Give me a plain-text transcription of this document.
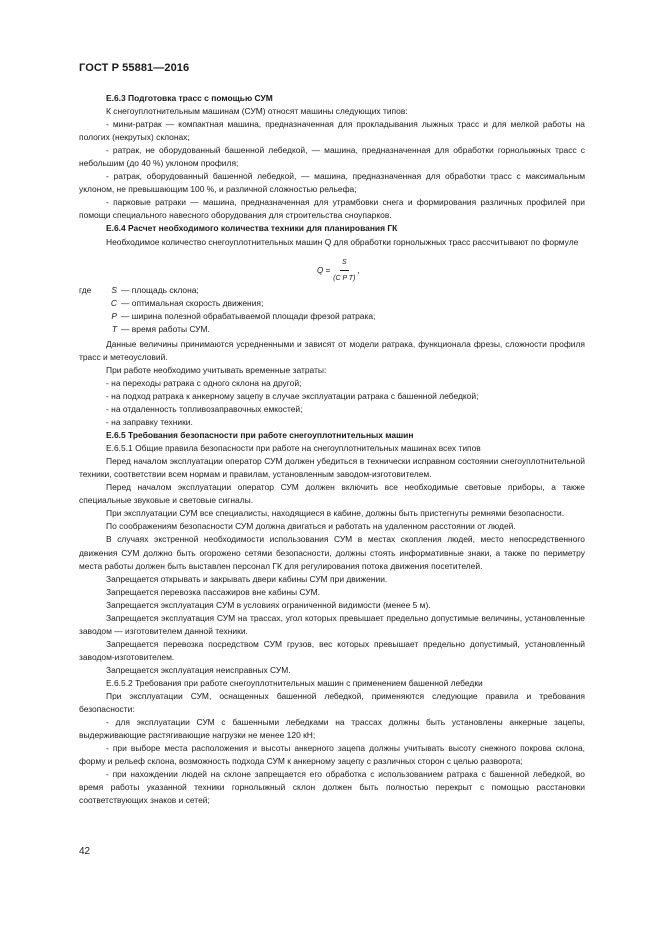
ГОСТ Р 55881—2016

Е.6.3 Подготовка трасс с помощью СУМ

К снегоуплотнительным машинам (СУМ) относят машины следующих типов:

- мини-ратрак — компактная машина, предназначенная для прокладывания лыжных трасс и для мелкой работы на пологих (некрутых) склонах;

- ратрак, не оборудованный башенной лебедкой, — машина, предназначенная для обработки горнолыжных трасс с небольшим (до 40 %) уклоном профиля;

- ратрак, оборудованный башенной лебедкой, — машина, предназначенная для обработки трасс с максимальным уклоном, не превышающим 100 %, и различной сложностью рельефа;

- парковые ратраки — машина, предназначенная для утрамбовки снега и формирования различных профилей при помощи специального навесного оборудования для строительства сноупарков.

Е.6.4 Расчет необходимого количества техники для планирования ГК

Необходимое количество снегоуплотнительных машин Q для обработки горнолыжных трасс рассчитывают по формуле

$Q = \frac{S}{\text{(C P T)}}$ ,
где	S — площадь склона;
C — оптимальная скорость движения;
P — ширина полезной обрабатываемой площади фрезой ратрака;
T — время работы СУМ.

Данные величины принимаются усредненными и зависят от модели ратрака, функционала фрезы, сложности профиля трасс и метеоусловий.

При работе необходимо учитывать временные затраты:

- на переходы ратрака с одного склона на другой;

- на подход ратрака к анкерному зацепу в случае эксплуатации ратрака с башенной лебедкой;

- на отдаленность топливозаправочных емкостей;

- на заправку техники.

Е.6.5 Требования безопасности при работе снегоуплотнительных машин

Е.6.5.1 Общие правила безопасности при работе на снегоуплотнительных машинах всех типов

Перед началом эксплуатации оператор СУМ должен убедиться в технически исправном состоянии снегоуплотнительной техники, соответствии всем нормам и правилам, установленным заводом-изготовителем.

Перед началом эксплуатации оператор СУМ должен включить все необходимые световые приборы, а также специальные звуковые и световые сигналы.

При эксплуатации СУМ все специалисты, находящиеся в кабине, должны быть пристегнуты ремнями безопасности.

По соображениям безопасности СУМ должна двигаться и работать на удаленном расстоянии от людей.

В случаях экстренной необходимости использования СУМ в местах скопления людей, место непосредственного движения СУМ должно быть огорожено сетями безопасности, должны стоять информативные знаки, а также по периметру места работы должен быть выставлен персонал ГК для регулирования потока движения посетителей.

Запрещается открывать и закрывать двери кабины СУМ при движении.

Запрещается перевозка пассажиров вне кабины СУМ.

Запрещается эксплуатация СУМ в условиях ограниченной видимости (менее 5 м).

Запрещается эксплуатация СУМ на трассах, угол которых превышает предельно допустимые величины, установленные заводом — изготовителем данной техники.

Запрещается перевозка посредством СУМ грузов, вес которых превышает предельно допустимый, установленный заводом-изготовителем.

Запрещается эксплуатация неисправных СУМ.

Е.6.5.2 Требования при работе снегоуплотнительных машин с применением башенной лебедки

При эксплуатации СУМ, оснащенных башенной лебедкой, применяются следующие правила и требования безопасности:

- для эксплуатации СУМ с башенными лебедками на трассах должны быть установлены анкерные зацепы, выдерживающие растягивающие нагрузки не менее 120 кН;

- при выборе места расположения и высоты анкерного зацепа должны учитывать высоту снежного покрова склона, форму и рельеф склона, возможность подхода СУМ к анкерному зацепу с различных сторон с целью разворота;

- при нахождении людей на склоне запрещается его обработка с использованием ратрака с башенной лебедкой, во время работы указанной техники горнолыжный склон должен быть полностью перекрыт с помощью расстановки соответствующих знаков и сетей;

42
